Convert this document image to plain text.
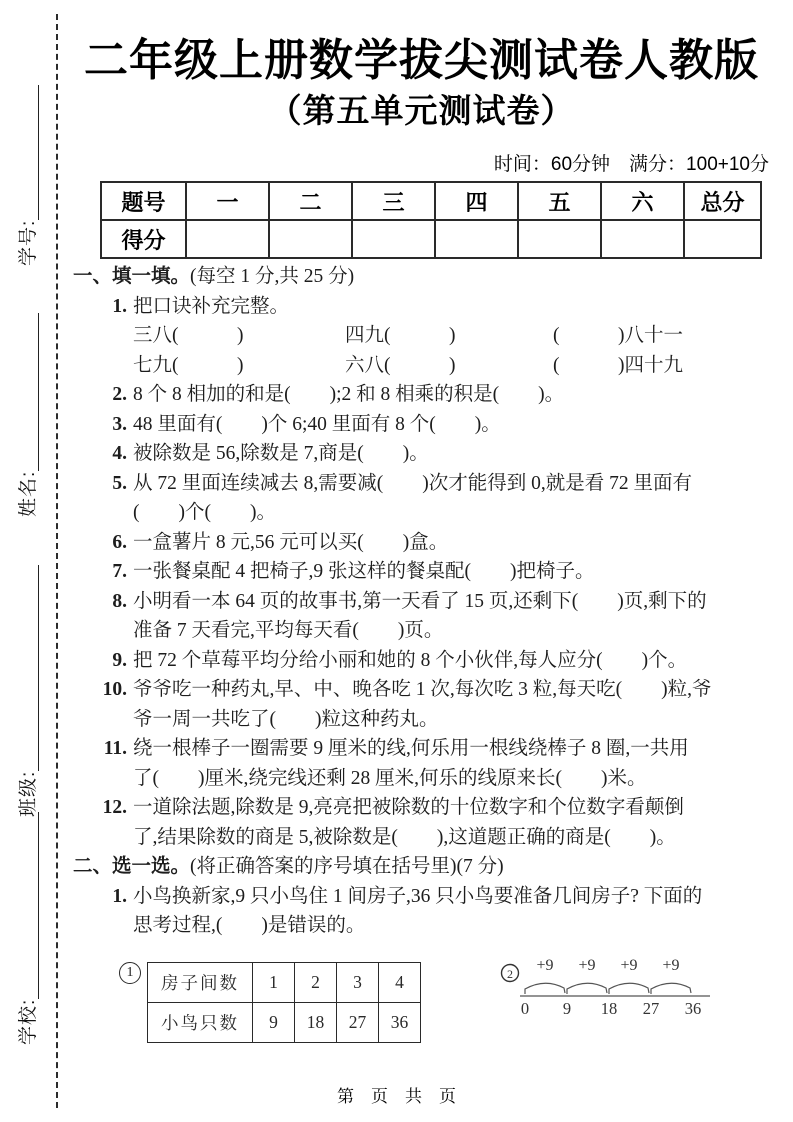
学号:
姓名:
班级:
学校:
二年级上册数学拔尖测试卷人教版
（第五单元测试卷）
时间：60分钟　满分：100+10分
题号	一	二	三	四	五	六	总分
得分							
一、填一填。(每空 1 分,共 25 分)
1. 把口诀补充完整。
三八(　　　)	四九(　　　)	(　　　)八十一
七九(　　　)	六八(　　　)	(　　　)四十九
2. 8 个 8 相加的和是(　　);2 和 8 相乘的积是(　　)。
3. 48 里面有(　　)个 6;40 里面有 8 个(　　)。
4. 被除数是 56,除数是 7,商是(　　)。
5. 从 72 里面连续减去 8,需要减(　　)次才能得到 0,就是看 72 里面有
(　　)个(　　)。
6. 一盒薯片 8 元,56 元可以买(　　)盒。
7. 一张餐桌配 4 把椅子,9 张这样的餐桌配(　　)把椅子。
8. 小明看一本 64 页的故事书,第一天看了 15 页,还剩下(　　)页,剩下的
准备 7 天看完,平均每天看(　　)页。
9. 把 72 个草莓平均分给小丽和她的 8 个小伙伴,每人应分(　　)个。
10. 爷爷吃一种药丸,早、中、晚各吃 1 次,每次吃 3 粒,每天吃(　　)粒,爷
爷一周一共吃了(　　)粒这种药丸。
11. 绕一根棒子一圈需要 9 厘米的线,何乐用一根线绕棒子 8 圈,一共用
了(　　)厘米,绕完线还剩 28 厘米,何乐的线原来长(　　)米。
12. 一道除法题,除数是 9,亮亮把被除数的十位数字和个位数字看颠倒
了,结果除数的商是 5,被除数是(　　),这道题正确的商是(　　)。
二、选一选。(将正确答案的序号填在括号里)(7 分)
1. 小鸟换新家,9 只小鸟住 1 间房子,36 只小鸟要准备几间房子? 下面的
思考过程,(　　)是错误的。
1
房子间数	1	2	3	4
小鸟只数	9	18	27	36
2 +9 +9 +9 +9
0 9 18 27 36
第　页　共　页
